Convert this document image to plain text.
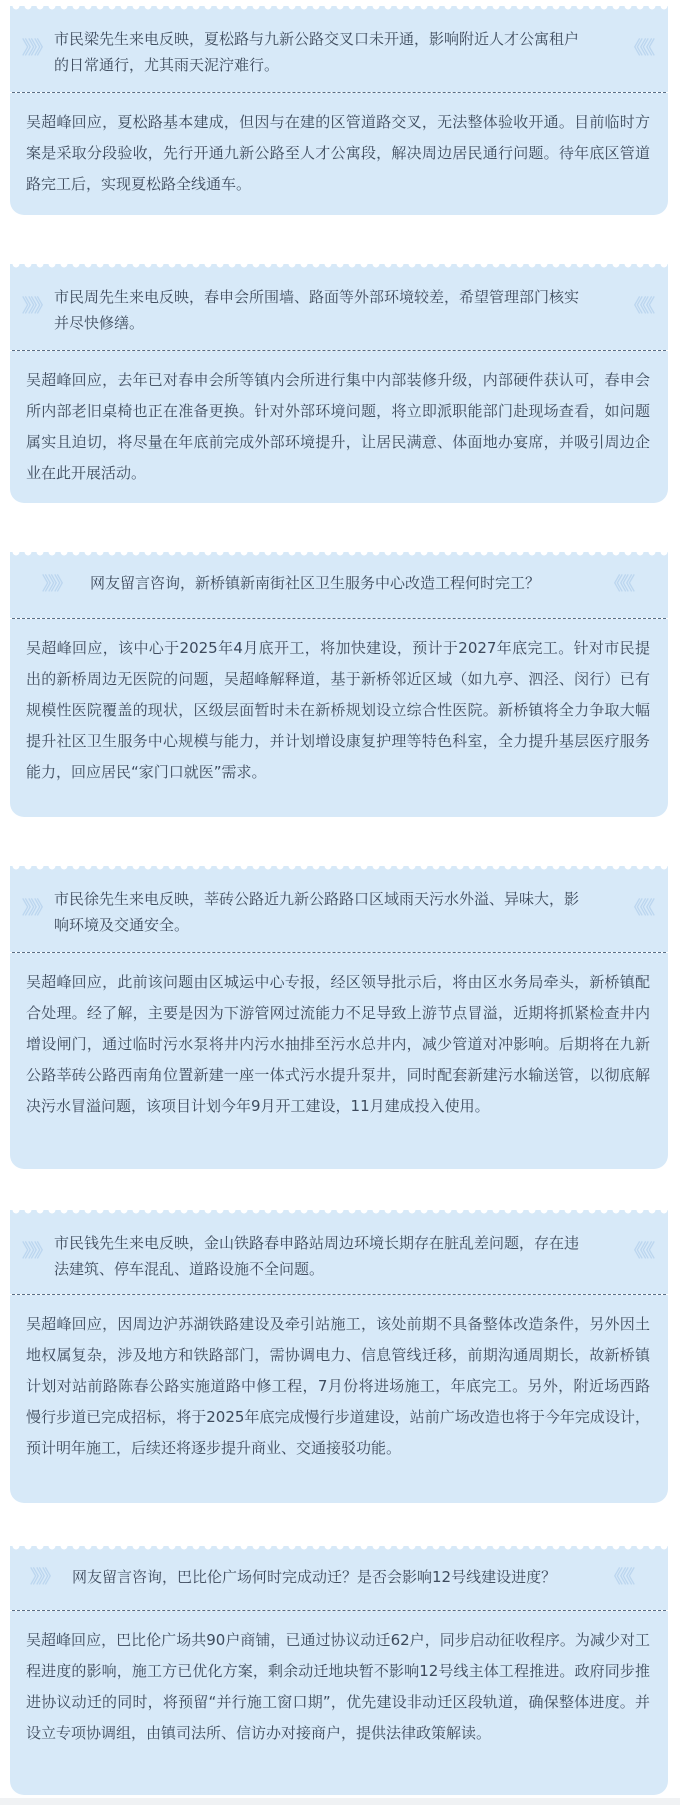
》》》 市民梁先生来电反映，夏松路与九新公路交叉口未开通，影响附近人才公寓租户的日常通行，尤其雨天泥泞难行。
《《《
吴超峰回应，夏松路基本建成，但因与在建的区管道路交叉，无法整体验收开通。目前临时方案是采取分段验收，先行开通九新公路至人才公寓段，解决周边居民通行问题。待年底区管道路完工后，实现夏松路全线通车。
》》》 市民周先生来电反映，春申会所围墙、路面等外部环境较差，希望管理部门核实并尽快修缮。
《《《
吴超峰回应，去年已对春申会所等镇内会所进行集中内部装修升级，内部硬件获认可，春申会所内部老旧桌椅也正在准备更换。针对外部环境问题，将立即派职能部门赴现场查看，如问题属实且迫切，将尽量在年底前完成外部环境提升，让居民满意、体面地办宴席，并吸引周边企业在此开展活动。
》》》 网友留言咨询，新桥镇新南街社区卫生服务中心改造工程何时完工？	《《《
吴超峰回应，该中心于2025年4月底开工，将加快建设，预计于2027年底完工。针对市民提出的新桥周边无医院的问题，吴超峰解释道，基于新桥邻近区域（如九亭、泗泾、闵行）已有规模性医院覆盖的现状，区级层面暂时未在新桥规划设立综合性医院。新桥镇将全力争取大幅提升社区卫生服务中心规模与能力，并计划增设康复护理等特色科室，全力提升基层医疗服务能力，回应居民“家门口就医”需求。
》》》 市民徐先生来电反映，莘砖公路近九新公路路口区域雨天污水外溢、异味大，影响环境及交通安全。
《《《
吴超峰回应，此前该问题由区城运中心专报，经区领导批示后，将由区水务局牵头，新桥镇配合处理。经了解，主要是因为下游管网过流能力不足导致上游节点冒溢，近期将抓紧检查井内增设闸门，通过临时污水泵将井内污水抽排至污水总井内，减少管道对冲影响。后期将在九新公路莘砖公路西南角位置新建一座一体式污水提升泵井，同时配套新建污水输送管，以彻底解决污水冒溢问题，该项目计划今年9月开工建设，11月建成投入使用。
》》》 市民钱先生来电反映，金山铁路春申路站周边环境长期存在脏乱差问题，存在违法建筑、停车混乱、道路设施不全问题。
《《《
吴超峰回应，因周边沪苏湖铁路建设及牵引站施工，该处前期不具备整体改造条件，另外因土地权属复杂，涉及地方和铁路部门，需协调电力、信息管线迁移，前期沟通周期长，故新桥镇计划对站前路陈春公路实施道路中修工程，7月份将进场施工，年底完工。另外，附近场西路慢行步道已完成招标，将于2025年底完成慢行步道建设，站前广场改造也将于今年完成设计，预计明年施工，后续还将逐步提升商业、交通接驳功能。
》》》 网友留言咨询，巴比伦广场何时完成动迁？是否会影响12号线建设进度？	《《《
吴超峰回应，巴比伦广场共90户商铺，已通过协议动迁62户，同步启动征收程序。为减少对工程进度的影响，施工方已优化方案，剩余动迁地块暂不影响12号线主体工程推进。政府同步推进协议动迁的同时，将预留“并行施工窗口期”，优先建设非动迁区段轨道，确保整体进度。并设立专项协调组，由镇司法所、信访办对接商户，提供法律政策解读。
